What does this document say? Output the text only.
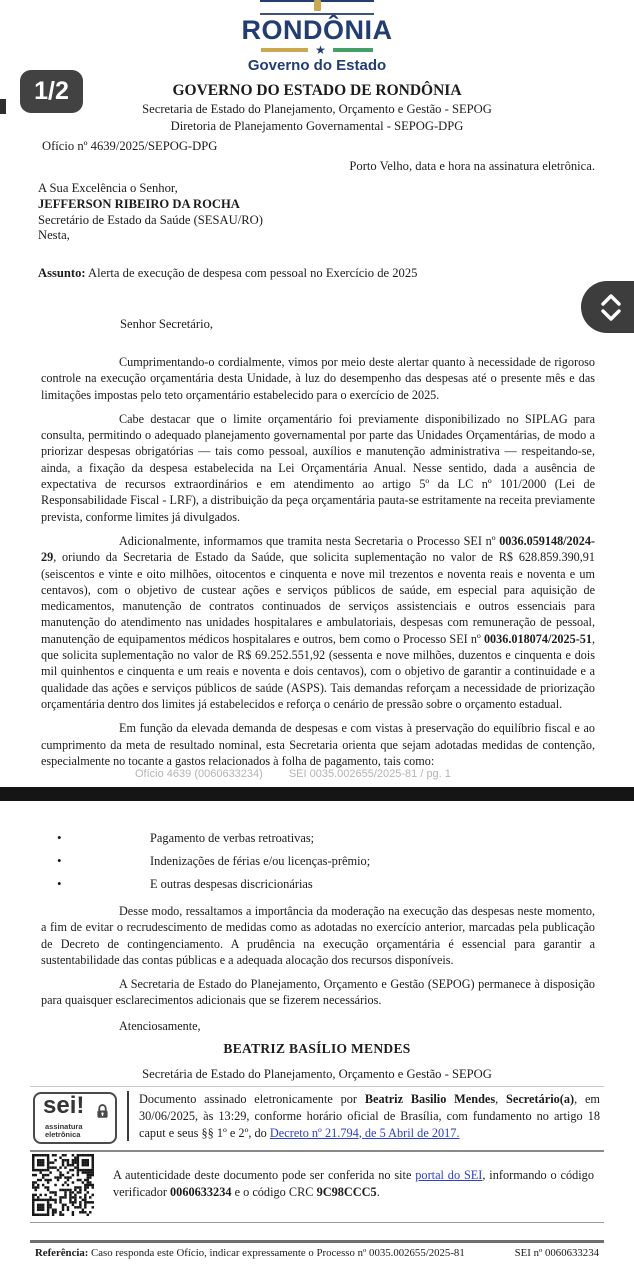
RONDÔNIA
★
Governo do Estado
1/2	GOVERNO DO ESTADO DE RONDÔNIA
Secretaria de Estado do Planejamento, Orçamento e Gestão - SEPOG
Diretoria de Planejamento Governamental - SEPOG-DPG
Ofício nº 4639/2025/SEPOG-DPG
Porto Velho, data e hora na assinatura eletrônica.
A Sua Excelência o Senhor,
JEFFERSON RIBEIRO DA ROCHA
Secretário de Estado da Saúde (SESAU/RO)
Nesta,
Assunto: Alerta de execução de despesa com pessoal no Exercício de 2025
Senhor Secretário,

Cumprimentando-o cordialmente, vimos por meio deste alertar quanto à necessidade de rigoroso controle na execução orçamentária desta Unidade, à luz do desempenho das despesas até o presente mês e das limitações impostas pelo teto orçamentário estabelecido para o exercício de 2025.

Cabe destacar que o limite orçamentário foi previamente disponibilizado no SIPLAG para consulta, permitindo o adequado planejamento governamental por parte das Unidades Orçamentárias, de modo a priorizar despesas obrigatórias — tais como pessoal, auxílios e manutenção administrativa — respeitando-se, ainda, a fixação da despesa estabelecida na Lei Orçamentária Anual. Nesse sentido, dada a ausência de expectativa de recursos extraordinários e em atendimento ao artigo 5º da LC nº 101/2000 (Lei de Responsabilidade Fiscal - LRF), a distribuição da peça orçamentária pauta-se estritamente na receita previamente prevista, conforme limites já divulgados.

Adicionalmente, informamos que tramita nesta Secretaria o Processo SEI nº 0036.059148/2024-29, oriundo da Secretaria de Estado da Saúde, que solicita suplementação no valor de R$ 628.859.390,91 (seiscentos e vinte e oito milhões, oitocentos e cinquenta e nove mil trezentos e noventa reais e noventa e um centavos), com o objetivo de custear ações e serviços públicos de saúde, em especial para aquisição de medicamentos, manutenção de contratos continuados de serviços assistenciais e outros essenciais para manutenção do atendimento nas unidades hospitalares e ambulatoriais, despesas com remuneração de pessoal, manutenção de equipamentos médicos hospitalares e outros, bem como o Processo SEI nº 0036.018074/2025-51, que solicita suplementação no valor de R$ 69.252.551,92 (sessenta e nove milhões, duzentos e cinquenta e dois mil quinhentos e cinquenta e um reais e noventa e dois centavos), com o objetivo de garantir a continuidade e a qualidade das ações e serviços públicos de saúde (ASPS). Tais demandas reforçam a necessidade de priorização orçamentária dentro dos limites já estabelecidos e reforça o cenário de pressão sobre o orçamento estadual.

Em função da elevada demanda de despesas e com vistas à preservação do equilíbrio fiscal e ao cumprimento da meta de resultado nominal, esta Secretaria orienta que sejam adotadas medidas de contenção, especialmente no tocante a gastos relacionados à folha de pagamento, tais como:

Ofício 4639 (0060633234) SEI 0035.002655/2025-81 / pg. 1
•	Pagamento de verbas retroativas;
•	Indenizações de férias e/ou licenças-prêmio;
•	E outras despesas discricionárias

Desse modo, ressaltamos a importância da moderação na execução das despesas neste momento, a fim de evitar o recrudescimento de medidas como as adotadas no exercício anterior, marcadas pela publicação de Decreto de contingenciamento. A prudência na execução orçamentária é essencial para garantir a sustentabilidade das contas públicas e a adequada alocação dos recursos disponíveis.

A Secretaria de Estado do Planejamento, Orçamento e Gestão (SEPOG) permanece à disposição para quaisquer esclarecimentos adicionais que se fizerem necessários.

Atenciosamente,

BEATRIZ BASÍLIO MENDES
Secretária de Estado do Planejamento, Orçamento e Gestão - SEPOG
sei!
assinatura
eletrônica
Documento assinado eletronicamente por Beatriz Basilio Mendes, Secretário(a), em 30/06/2025, às 13:29, conforme horário oficial de Brasília, com fundamento no artigo 18 caput e seus §§ 1º e 2º, do Decreto nº 21.794, de 5 Abril de 2017.
A autenticidade deste documento pode ser conferida no site portal do SEI, informando o código verificador 0060633234 e o código CRC 9C98CCC5.
Referência: Caso responda este Ofício, indicar expressamente o Processo nº 0035.002655/2025-81	SEI nº 0060633234
